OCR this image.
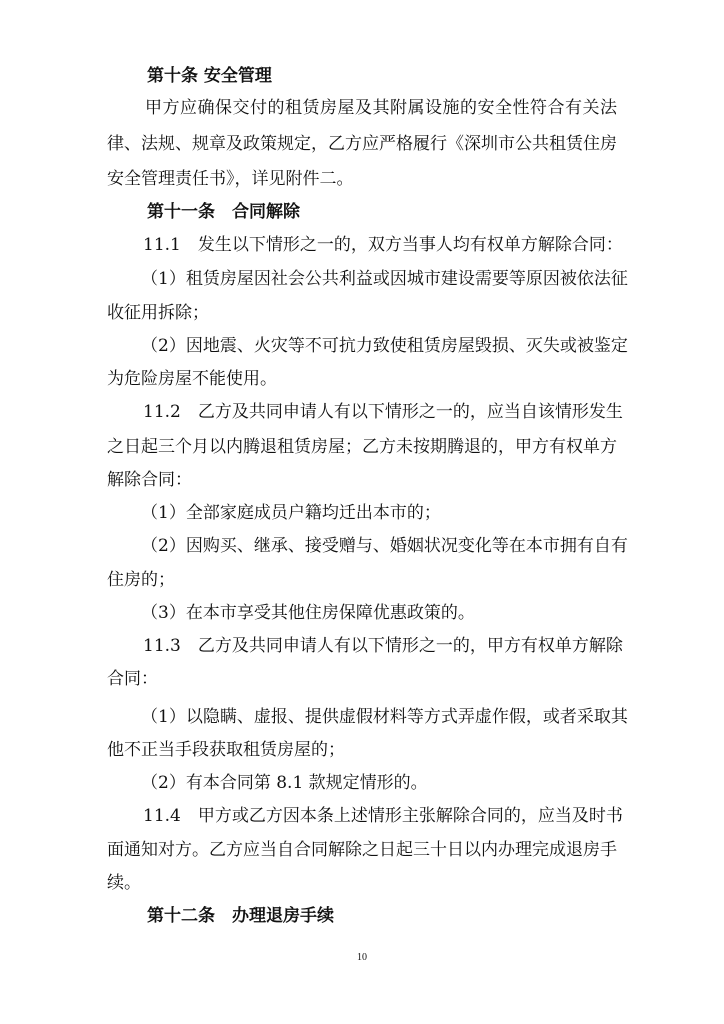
第十条 安全管理
甲方应确保交付的租赁房屋及其附属设施的安全性符合有关法
律、法规、规章及政策规定，乙方应严格履行《深圳市公共租赁住房
安全管理责任书》，详见附件二。
第十一条　合同解除
11.1　发生以下情形之一的，双方当事人均有权单方解除合同：
（1）租赁房屋因社会公共利益或因城市建设需要等原因被依法征
收征用拆除；
（2）因地震、火灾等不可抗力致使租赁房屋毁损、灭失或被鉴定
为危险房屋不能使用。
11.2　乙方及共同申请人有以下情形之一的，应当自该情形发生
之日起三个月以内腾退租赁房屋；乙方未按期腾退的，甲方有权单方
解除合同：
（1）全部家庭成员户籍均迁出本市的；
（2）因购买、继承、接受赠与、婚姻状况变化等在本市拥有自有
住房的；
（3）在本市享受其他住房保障优惠政策的。
11.3　乙方及共同申请人有以下情形之一的，甲方有权单方解除
合同：
（1）以隐瞒、虚报、提供虚假材料等方式弄虚作假，或者采取其
他不正当手段获取租赁房屋的；
（2）有本合同第 8.1 款规定情形的。
11.4　甲方或乙方因本条上述情形主张解除合同的，应当及时书
面通知对方。乙方应当自合同解除之日起三十日以内办理完成退房手
续。
第十二条　办理退房手续
10
